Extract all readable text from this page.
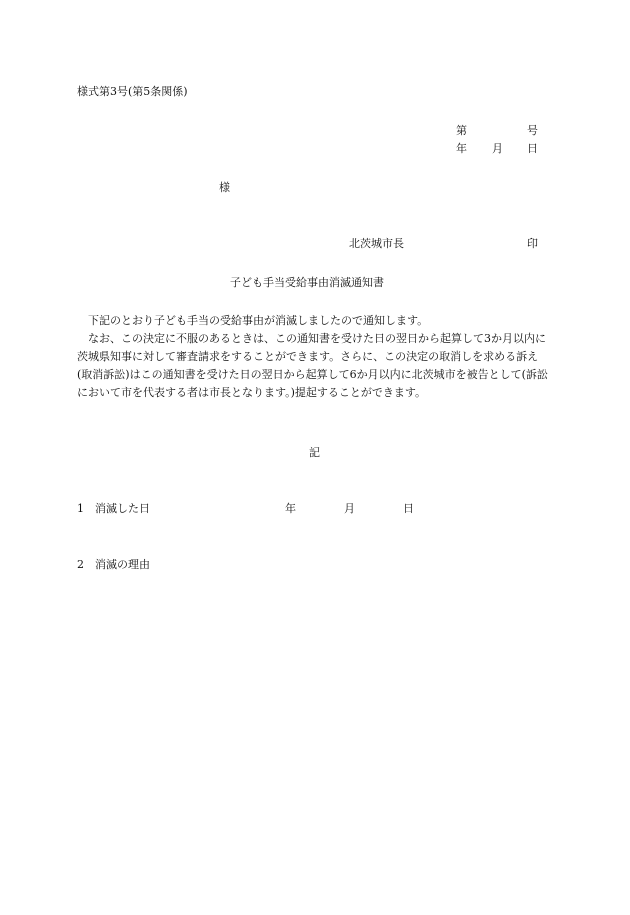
様式第3号(第5条関係)
第	号
年 月 日
様
北茨城市長	印
子ども手当受給事由消滅通知書

下記のとおり子ども手当の受給事由が消滅しましたので通知します。

なお、この決定に不服のあるときは、この通知書を受けた日の翌日から起算して3か月以内に茨城県知事に対して審査請求をすることができます。さらに、この決定の取消しを求める訴え(取消訴訟)はこの通知書を受けた日の翌日から起算して6か月以内に北茨城市を被告として(訴訟において市を代表する者は市長となります。)提起することができます。

記
1 消滅した日	年	月	日
2 消滅の理由
